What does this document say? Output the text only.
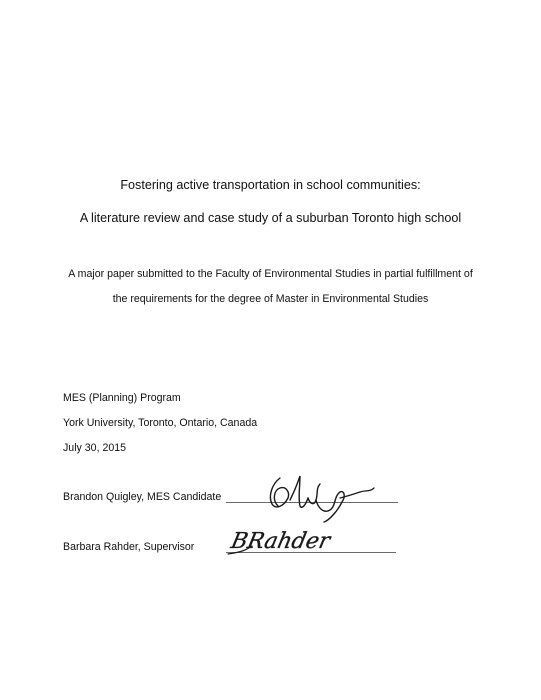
Fostering active transportation in school communities:
A literature review and case study of a suburban Toronto high school
A major paper submitted to the Faculty of Environmental Studies in partial fulfillment of
the requirements for the degree of Master in Environmental Studies
MES (Planning) Program
York University, Toronto, Ontario, Canada
July 30, 2015
Brandon Quigley, MES Candidate
Barbara Rahder, Supervisor BRahder
